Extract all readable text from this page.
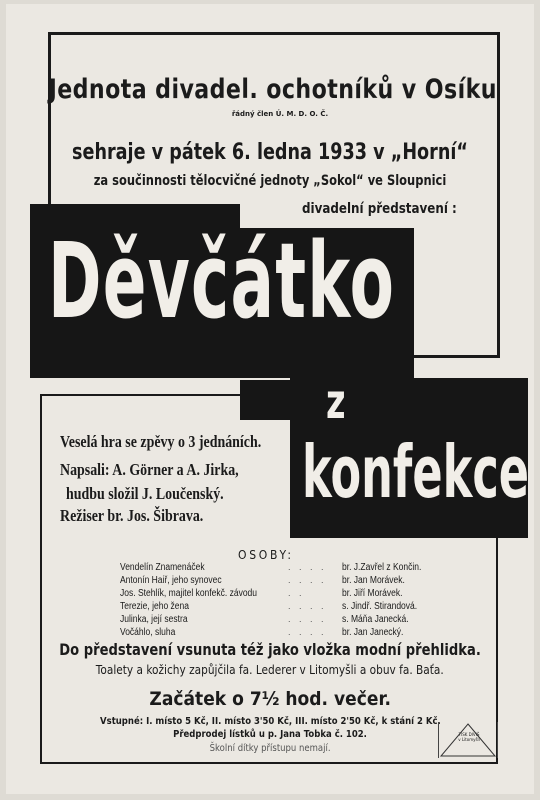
Jednota divadel. ochotníků v Osíku
řádný člen Ú. M. D. O. Č.
sehraje v pátek 6. ledna 1933 v „Horní“
za součinnosti tělocvičné jednoty „Sokol“ ve Sloupnici
divadelní představení :
Děvčátko
z
konfekce
Veselá hra se zpěvy o 3 jednáních.
Napsali: A. Görner a A. Jirka,
hudbu složil J. Loučenský.
Režiser br. Jos. Šibrava.
OSOBY:
Vendelín Znamenáček	. . . . br. J.Zavřel z Končin.
Antonín Haiř, jeho synovec	. . . . br. Jan Morávek.
Jos. Stehlík, majitel konfekč. závodu	. .	br. Jiří Morávek.
Terezie, jeho žena	. . . . s. Jindř. Stirandová.
Julinka, její sestra	. . . . s. Máňa Janecká.
Vočáhlo, sluha	. . . . br. Jan Janecký.
Do představení vsunuta též jako vložka modní přehlidka.
Toalety a kožichy zapůjčila fa. Lederer v Litomyšli a obuv fa. Baťa.
Začátek o 7½ hod. večer.
Vstupné: I. místo 5 Kč, II. místo 3'50 Kč, III. místo 2'50 Kč, k stání 2 Kč.
Předprodej lístků u p. Jana Tobka č. 102.
Školní dítky přístupu nemají.
TISK DIVIŠ v Litomyšli
